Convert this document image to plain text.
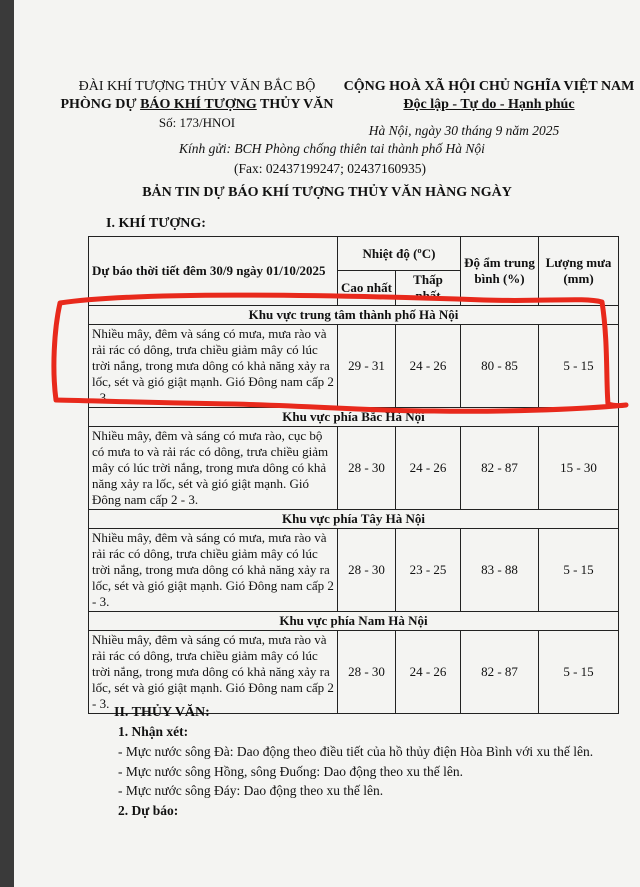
ĐÀI KHÍ TƯỢNG THỦY VĂN BẮC BỘ
PHÒNG DỰ BÁO KHÍ TƯỢNG THỦY VĂN
Số: 173/HNOI
CỘNG HOÀ XÃ HỘI CHỦ NGHĨA VIỆT NAM
Độc lập - Tự do - Hạnh phúc
Hà Nội, ngày 30 tháng 9 năm 2025
Kính gửi: BCH Phòng chống thiên tai thành phố Hà Nội
(Fax: 02437199247; 02437160935)
BẢN TIN DỰ BÁO KHÍ TƯỢNG THỦY VĂN HÀNG NGÀY
I. KHÍ TƯỢNG:
Dự báo thời tiết đêm 30/9 ngày 01/10/2025	Nhiệt độ (ºC)		Độ ẩm trung bình (%)	Lượng mưa (mm)
	Cao nhất	Thấp nhất		
Khu vực trung tâm thành phố Hà Nội				
Nhiều mây, đêm và sáng có mưa, mưa rào và rải rác có dông, trưa chiều giảm mây có lúc trời nắng, trong mưa dông có khả năng xảy ra lốc, sét và gió giật mạnh. Gió Đông nam cấp 2 - 3.	29 - 31	24 - 26	80 - 85	5 - 15
Khu vực phía Bắc Hà Nội				
Nhiều mây, đêm và sáng có mưa rào, cục bộ có mưa to và rải rác có dông, trưa chiều giảm mây có lúc trời nắng, trong mưa dông có khả năng xảy ra lốc, sét và gió giật mạnh. Gió Đông nam cấp 2 - 3.	28 - 30	24 - 26	82 - 87	15 - 30
Khu vực phía Tây Hà Nội				
Nhiều mây, đêm và sáng có mưa, mưa rào và rải rác có dông, trưa chiều giảm mây có lúc trời nắng, trong mưa dông có khả năng xảy ra lốc, sét và gió giật mạnh. Gió Đông nam cấp 2 - 3.	28 - 30	23 - 25	83 - 88	5 - 15
Khu vực phía Nam Hà Nội				
Nhiều mây, đêm và sáng có mưa, mưa rào và rải rác có dông, trưa chiều giảm mây có lúc trời nắng, trong mưa dông có khả năng xảy ra lốc, sét và gió giật mạnh. Gió Đông nam cấp 2 - 3.	28 - 30	24 - 26	82 - 87	5 - 15
II. THỦY VĂN:
1. Nhận xét:
- Mực nước sông Đà: Dao động theo điều tiết của hồ thủy điện Hòa Bình với xu thế lên.
- Mực nước sông Hồng, sông Đuống: Dao động theo xu thế lên.
- Mực nước sông Đáy: Dao động theo xu thế lên.
2. Dự báo:
